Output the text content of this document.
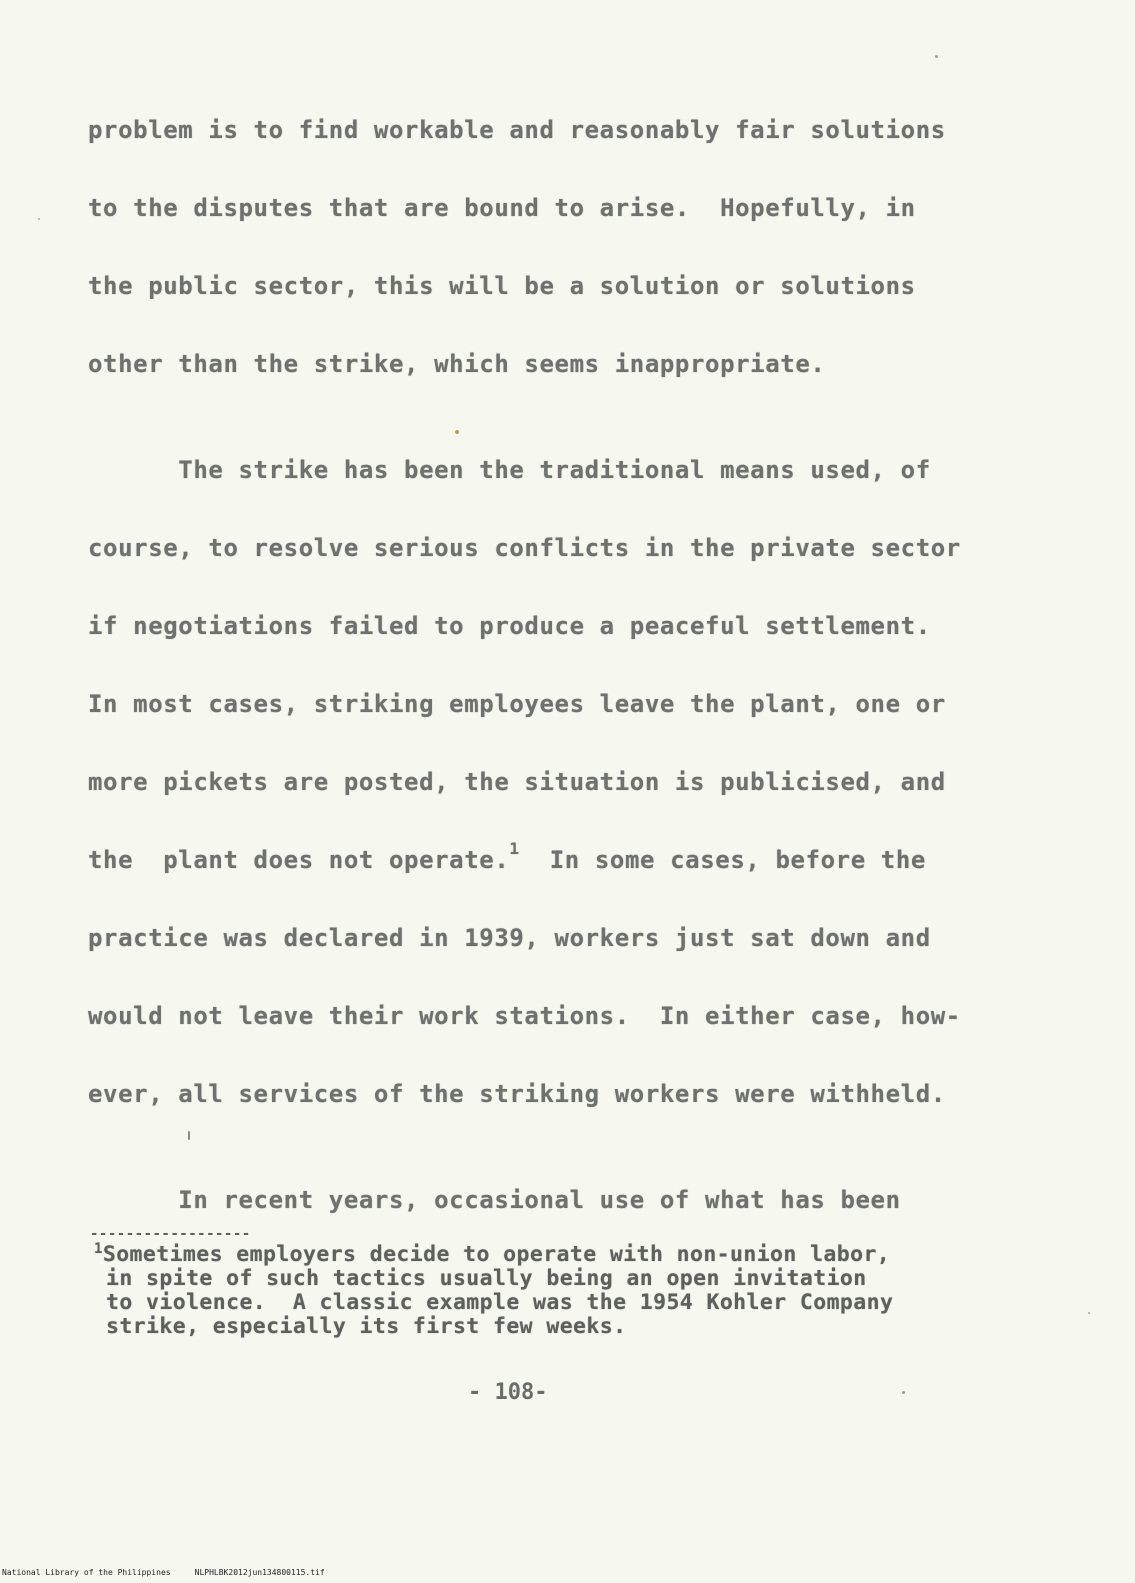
problem is to find workable and reasonably fair solutions
to the disputes that are bound to arise.  Hopefully, in
the public sector, this will be a solution or solutions
other than the strike, which seems inappropriate.
The strike has been the traditional means used, of
course, to resolve serious conflicts in the private sector
if negotiations failed to produce a peaceful settlement.
In most cases, striking employees leave the plant, one or
more pickets are posted, the situation is publicised, and
the  plant does not operate.$^1$  In some cases, before the
practice was declared in 1939, workers just sat down and
would not leave their work stations.  In either case, how-
ever, all services of the striking workers were withheld.
In recent years, occasional use of what has been
------------------
$^1$Sometimes employers decide to operate with non-union labor,
in spite of such tactics usually being an open invitation
to violence.  A classic example was the 1954 Kohler Company
strike, especially its first few weeks.
- 108-
National Library of the Philippines     NLPHLBK2012jun134800115.tif
